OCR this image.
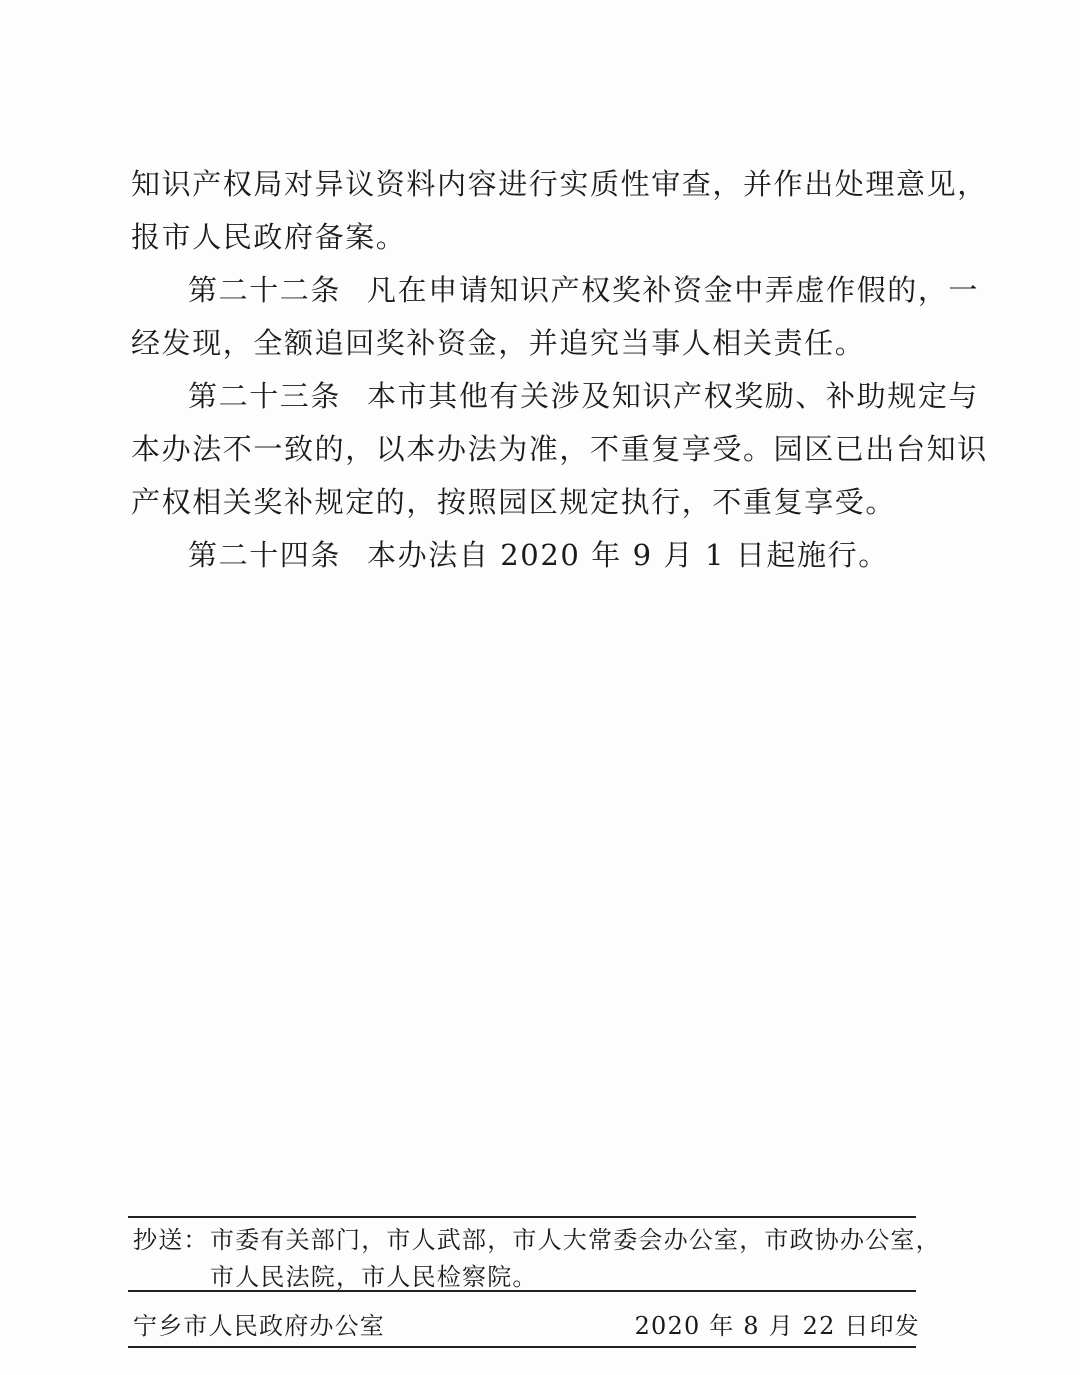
知识产权局对异议资料内容进行实质性审查，并作出处理意见，
报市人民政府备案。
第二十二条 凡在申请知识产权奖补资金中弄虚作假的，一
经发现，全额追回奖补资金，并追究当事人相关责任。
第二十三条 本市其他有关涉及知识产权奖励、补助规定与
本办法不一致的，以本办法为准，不重复享受。园区已出台知识
产权相关奖补规定的，按照园区规定执行，不重复享受。
第二十四条 本办法自 2020 年 9 月 1 日起施行。
抄送： 市委有关部门，市人武部，市人大常委会办公室，市政协办公室，
市人民法院，市人民检察院。
宁乡市人民政府办公室	2020 年 8 月 22 日印发
